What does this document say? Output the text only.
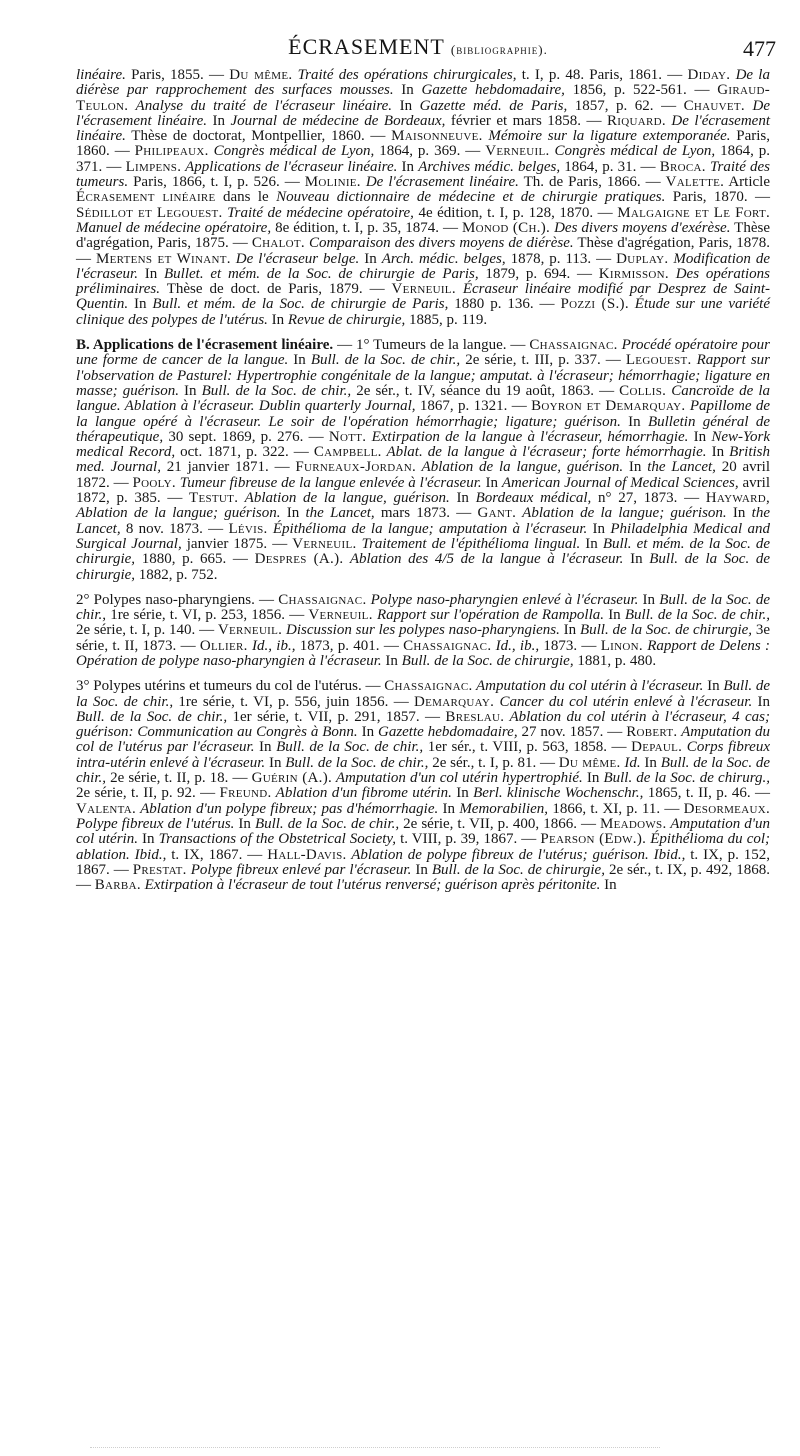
ÉCRASEMENT (bibliographie).	477

linéaire. Paris, 1855. — Du même. Traité des opérations chirurgicales, t. I, p. 48. Paris, 1861. — Diday. De la diérèse par rapprochement des surfaces mousses. In Gazette hebdomadaire, 1856, p. 522-561. — Giraud-Teulon. Analyse du traité de l'écraseur linéaire. In Gazette méd. de Paris, 1857, p. 62. — Chauvet. De l'écrasement linéaire. In Journal de médecine de Bordeaux, février et mars 1858. — Riquard. De l'écrasement linéaire. Thèse de doctorat, Montpellier, 1860. — Maisonneuve. Mémoire sur la ligature extemporanée. Paris, 1860. — Philipeaux. Congrès médical de Lyon, 1864, p. 369. — Verneuil. Congrès médical de Lyon, 1864, p. 371. — Limpens. Applications de l'écraseur linéaire. In Archives médic. belges, 1864, p. 31. — Broca. Traité des tumeurs. Paris, 1866, t. I, p. 526. — Molinie. De l'écrasement linéaire. Th. de Paris, 1866. — Valette. Article Écrasement linéaire dans le Nouveau dictionnaire de médecine et de chirurgie pratiques. Paris, 1870. — Sédillot et Legouest. Traité de médecine opératoire, 4e édition, t. I, p. 128, 1870. — Malgaigne et Le Fort. Manuel de médecine opératoire, 8e édition, t. I, p. 35, 1874. — Monod (Ch.). Des divers moyens d'exérèse. Thèse d'agrégation, Paris, 1875. — Chalot. Comparaison des divers moyens de diérèse. Thèse d'agrégation, Paris, 1878. — Mertens et Winant. De l'écraseur belge. In Arch. médic. belges, 1878, p. 113. — Duplay. Modification de l'écraseur. In Bullet. et mém. de la Soc. de chirurgie de Paris, 1879, p. 694. — Kirmisson. Des opérations préliminaires. Thèse de doct. de Paris, 1879. — Verneuil. Écraseur linéaire modifié par Desprez de Saint-Quentin. In Bull. et mém. de la Soc. de chirurgie de Paris, 1880 p. 136. — Pozzi (S.). Étude sur une variété clinique des polypes de l'utérus. In Revue de chirurgie, 1885, p. 119.

B. Applications de l'écrasement linéaire. — 1° Tumeurs de la langue. — Chassaignac. Procédé opératoire pour une forme de cancer de la langue. In Bull. de la Soc. de chir., 2e série, t. III, p. 337. — Legouest. Rapport sur l'observation de Pasturel: Hypertrophie congénitale de la langue; amputat. à l'écraseur; hémorrhagie; ligature en masse; guérison. In Bull. de la Soc. de chir., 2e sér., t. IV, séance du 19 août, 1863. — Collis. Cancroïde de la langue. Ablation à l'écraseur. Dublin quarterly Journal, 1867, p. 1321. — Boyron et Demarquay. Papillome de la langue opéré à l'écraseur. Le soir de l'opération hémorrhagie; ligature; guérison. In Bulletin général de thérapeutique, 30 sept. 1869, p. 276. — Nott. Extirpation de la langue à l'écraseur, hémorrhagie. In New-York medical Record, oct. 1871, p. 322. — Campbell. Ablat. de la langue à l'écraseur; forte hémorrhagie. In British med. Journal, 21 janvier 1871. — Furneaux-Jordan. Ablation de la langue, guérison. In the Lancet, 20 avril 1872. — Pooly. Tumeur fibreuse de la langue enlevée à l'écraseur. In American Journal of Medical Sciences, avril 1872, p. 385. — Testut. Ablation de la langue, guérison. In Bordeaux médical, n° 27, 1873. — Hayward, Ablation de la langue; guérison. In the Lancet, mars 1873. — Gant. Ablation de la langue; guérison. In the Lancet, 8 nov. 1873. — Lévis. Épithélioma de la langue; amputation à l'écraseur. In Philadelphia Medical and Surgical Journal, janvier 1875. — Verneuil. Traitement de l'épithélioma lingual. In Bull. et mém. de la Soc. de chirurgie, 1880, p. 665. — Despres (A.). Ablation des 4/5 de la langue à l'écraseur. In Bull. de la Soc. de chirurgie, 1882, p. 752.

2° Polypes naso-pharyngiens. — Chassaignac. Polype naso-pharyngien enlevé à l'écraseur. In Bull. de la Soc. de chir., 1re série, t. VI, p. 253, 1856. — Verneuil. Rapport sur l'opération de Rampolla. In Bull. de la Soc. de chir., 2e série, t. I, p. 140. — Verneuil. Discussion sur les polypes naso-pharyngiens. In Bull. de la Soc. de chirurgie, 3e série, t. II, 1873. — Ollier. Id., ib., 1873, p. 401. — Chassaignac. Id., ib., 1873. — Linon. Rapport de Delens : Opération de polype naso-pharyngien à l'écraseur. In Bull. de la Soc. de chirurgie, 1881, p. 480.

3° Polypes utérins et tumeurs du col de l'utérus. — Chassaignac. Amputation du col utérin à l'écraseur. In Bull. de la Soc. de chir., 1re série, t. VI, p. 556, juin 1856. — Demarquay. Cancer du col utérin enlevé à l'écraseur. In Bull. de la Soc. de chir., 1er série, t. VII, p. 291, 1857. — Breslau. Ablation du col utérin à l'écraseur, 4 cas; guérison: Communication au Congrès à Bonn. In Gazette hebdomadaire, 27 nov. 1857. — Robert. Amputation du col de l'utérus par l'écraseur. In Bull. de la Soc. de chir., 1er sér., t. VIII, p. 563, 1858. — Depaul. Corps fibreux intra-utérin enlevé à l'écraseur. In Bull. de la Soc. de chir., 2e sér., t. I, p. 81. — Du même. Id. In Bull. de la Soc. de chir., 2e série, t. II, p. 18. — Guérin (A.). Amputation d'un col utérin hypertrophié. In Bull. de la Soc. de chirurg., 2e série, t. II, p. 92. — Freund. Ablation d'un fibrome utérin. In Berl. klinische Wochenschr., 1865, t. II, p. 46. — Valenta. Ablation d'un polype fibreux; pas d'hémorrhagie. In Memorabilien, 1866, t. XI, p. 11. — Desormeaux. Polype fibreux de l'utérus. In Bull. de la Soc. de chir., 2e série, t. VII, p. 400, 1866. — Meadows. Amputation d'un col utérin. In Transactions of the Obstetrical Society, t. VIII, p. 39, 1867. — Pearson (Edw.). Épithélioma du col; ablation. Ibid., t. IX, 1867. — Hall-Davis. Ablation de polype fibreux de l'utérus; guérison. Ibid., t. IX, p. 152, 1867. — Prestat. Polype fibreux enlevé par l'écraseur. In Bull. de la Soc. de chirurgie, 2e sér., t. IX, p. 492, 1868. — Barba. Extirpation à l'écraseur de tout l'utérus renversé; guérison après péritonite. In
